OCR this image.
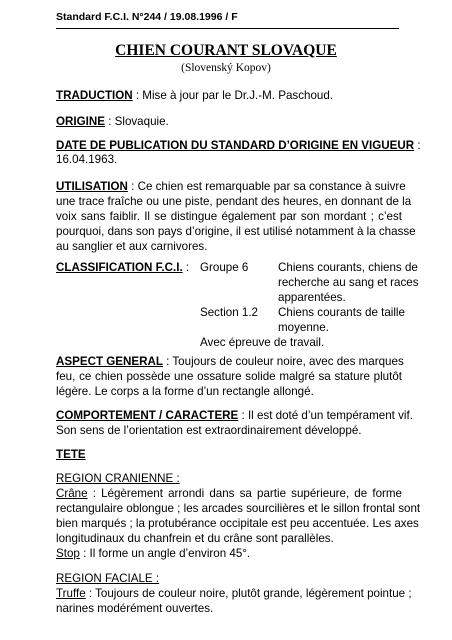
Standard F.C.I. N°244 / 19.08.1996 / F
CHIEN COURANT SLOVAQUE
(Slovenský Kopov)
TRADUCTION : Mise à jour par le Dr.J.-M. Paschoud.
ORIGINE : Slovaquie.
DATE DE PUBLICATION DU STANDARD D’ORIGINE EN VIGUEUR :
16.04.1963.
UTILISATION : Ce chien est remarquable par sa constance à suivre
une trace fraîche ou une piste, pendant des heures, en donnant de la
voix sans faiblir. Il se distingue également par son mordant ; c’est
pourquoi, dans son pays d’origine, il est utilisé notamment à la chasse
au sanglier et aux carnivores.
CLASSIFICATION F.C.I. : Groupe 6	Chiens courants, chiens de
recherche au sang et races
apparentées.
Section 1.2 Chiens courants de taille
moyenne.
Avec épreuve de travail.
ASPECT GENERAL : Toujours de couleur noire, avec des marques
feu, ce chien possède une ossature solide malgré sa stature plutôt
légère. Le corps a la forme d’un rectangle allongé.
COMPORTEMENT / CARACTERE : Il est doté d’un tempérament vif.
Son sens de l’orientation est extraordinairement développé.
TETE
REGION CRANIENNE :
Crâne : Légèrement arrondi dans sa partie supérieure, de forme
rectangulaire oblongue ; les arcades sourcilières et le sillon frontal sont
bien marqués ; la protubérance occipitale est peu accentuée. Les axes
longitudinaux du chanfrein et du crâne sont parallèles.
Stop : Il forme un angle d’environ 45°.
REGION FACIALE :
Truffe : Toujours de couleur noire, plutôt grande, légèrement pointue ;
narines modérément ouvertes.
